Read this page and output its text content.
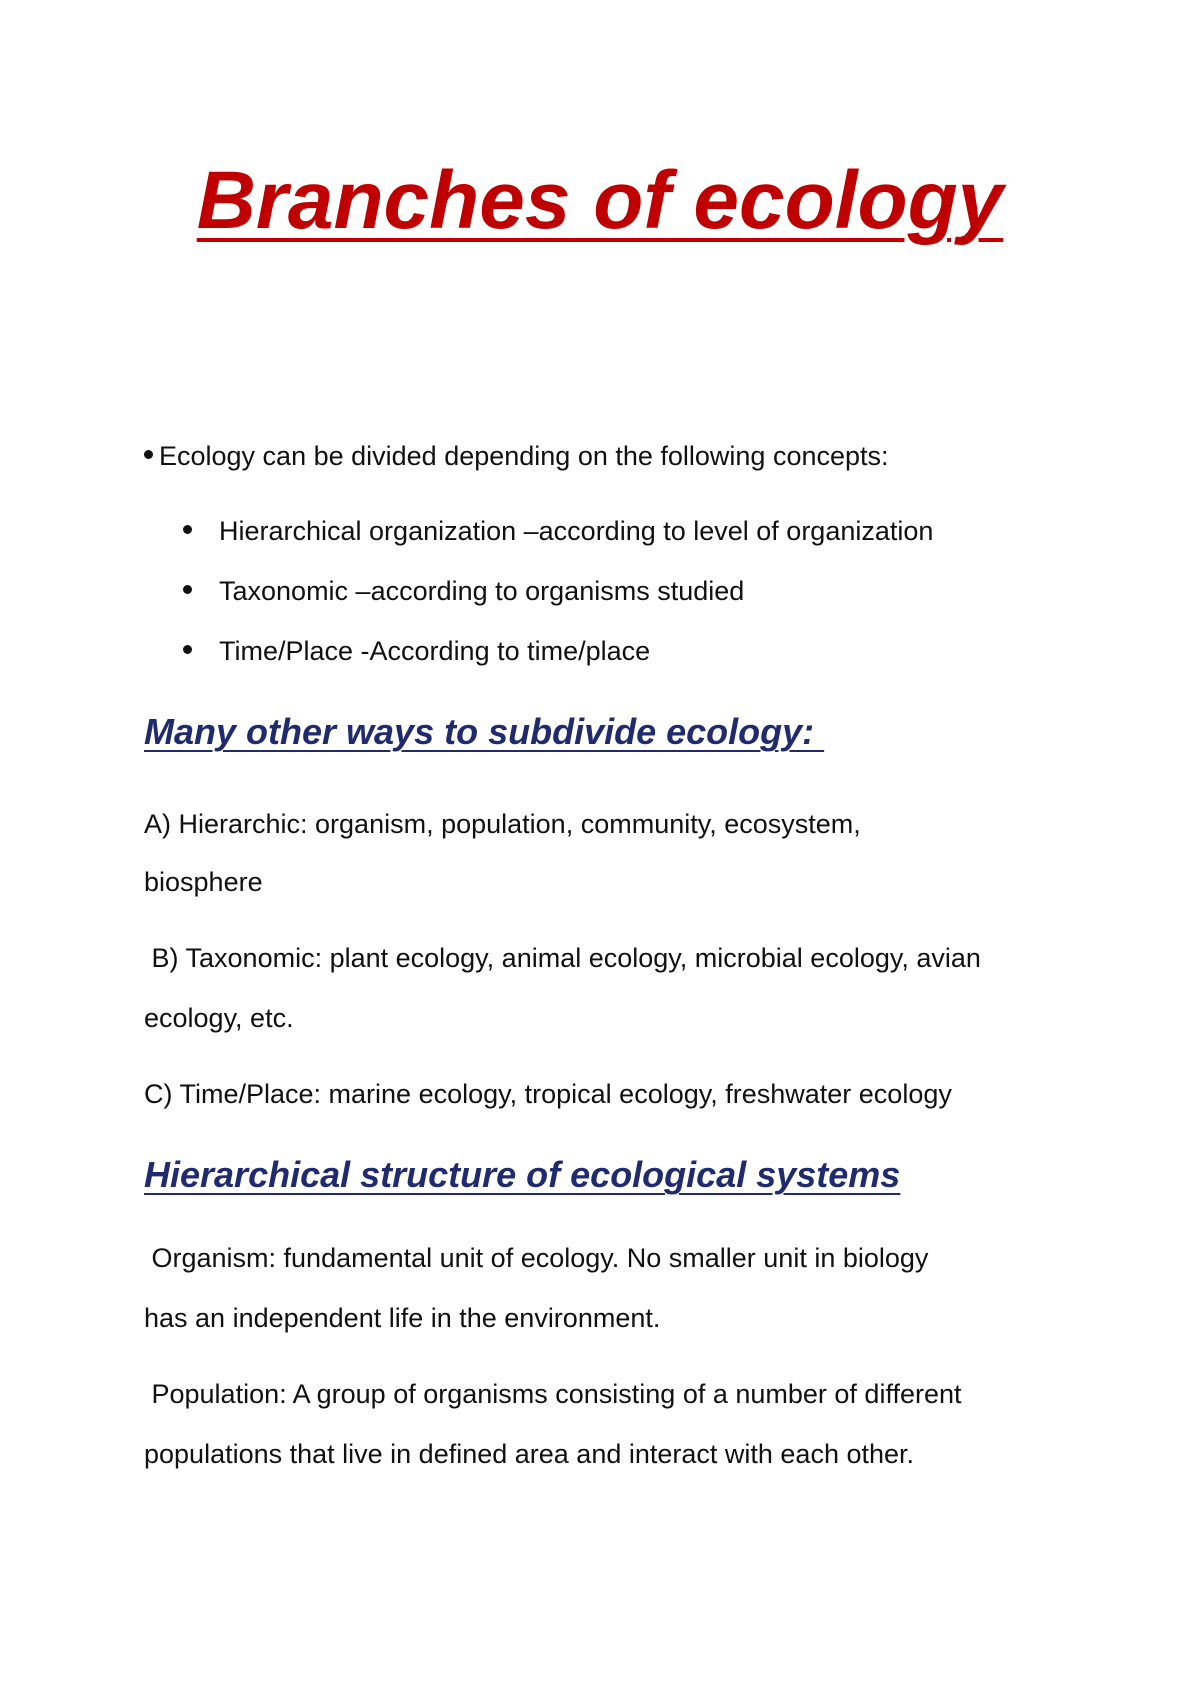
Branches of ecology
Ecology can be divided depending on the following concepts:
Hierarchical organization –according to level of organization
Taxonomic –according to organisms studied
Time/Place -According to time/place
Many other ways to subdivide ecology:
A) Hierarchic: organism, population, community, ecosystem,
biosphere
B) Taxonomic: plant ecology, animal ecology, microbial ecology, avian
ecology, etc.
C) Time/Place: marine ecology, tropical ecology, freshwater ecology
Hierarchical structure of ecological systems
Organism: fundamental unit of ecology. No smaller unit in biology
has an independent life in the environment.
Population: A group of organisms consisting of a number of different
populations that live in defined area and interact with each other.
